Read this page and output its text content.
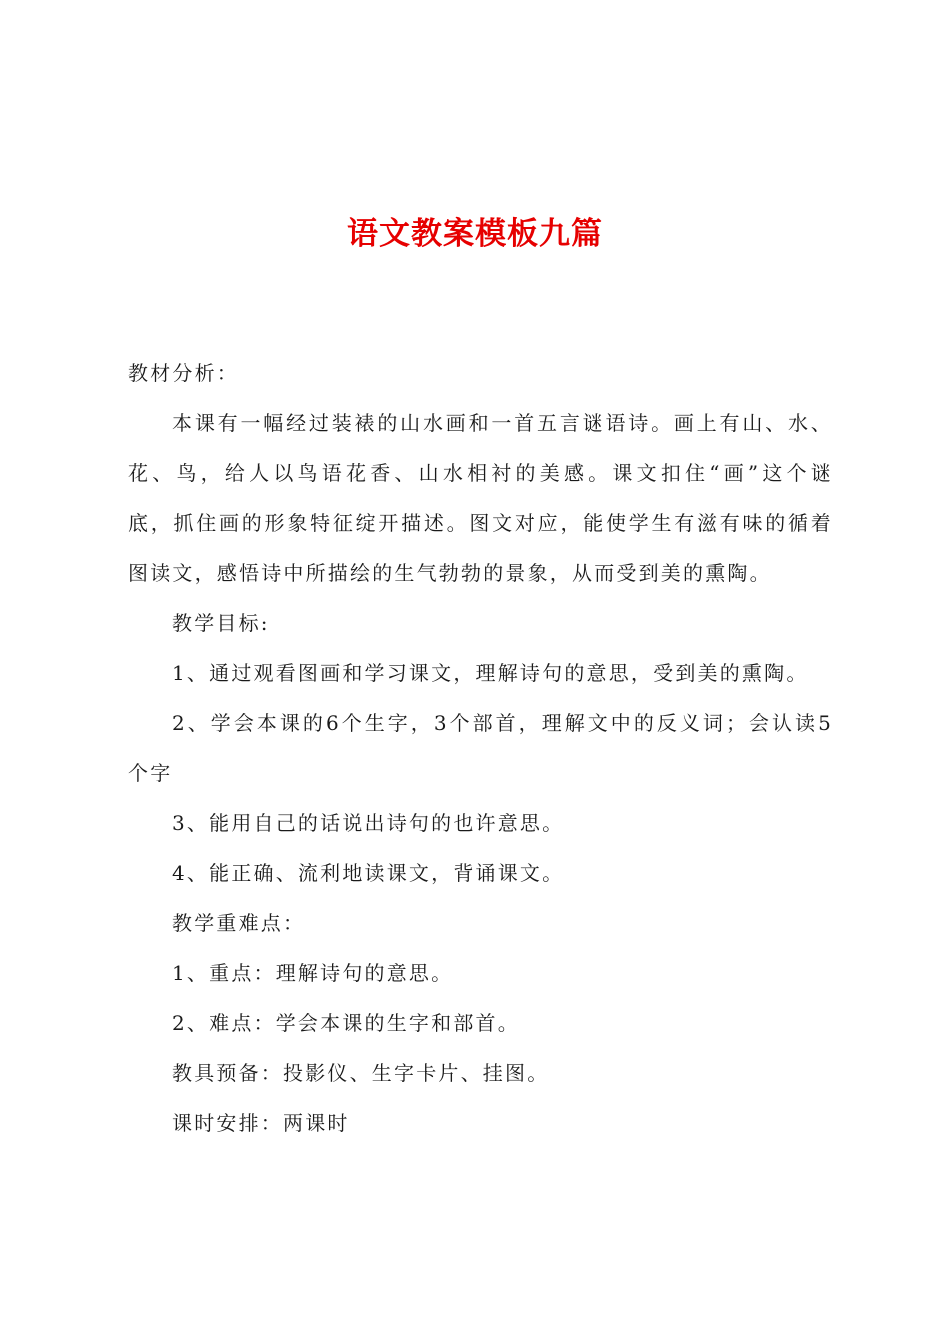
语文教案模板九篇
教材分析：
本课有一幅经过装裱的山水画和一首五言谜语诗。画上有山、水、
花、鸟，给人以鸟语花香、山水相衬的美感。课文扣住“画”这个谜
底，抓住画的形象特征绽开描述。图文对应，能使学生有滋有味的循着
图读文，感悟诗中所描绘的生气勃勃的景象，从而受到美的熏陶。
教学目标:
1、通过观看图画和学习课文，理解诗句的意思，受到美的熏陶。
2、学会本课的6个生字，3个部首，理解文中的反义词；会认读5
个字
3、能用自己的话说出诗句的也许意思。
4、能正确、流利地读课文，背诵课文。
教学重难点：
1、重点：理解诗句的意思。
2、难点：学会本课的生字和部首。
教具预备：投影仪、生字卡片、挂图。
课时安排：两课时
